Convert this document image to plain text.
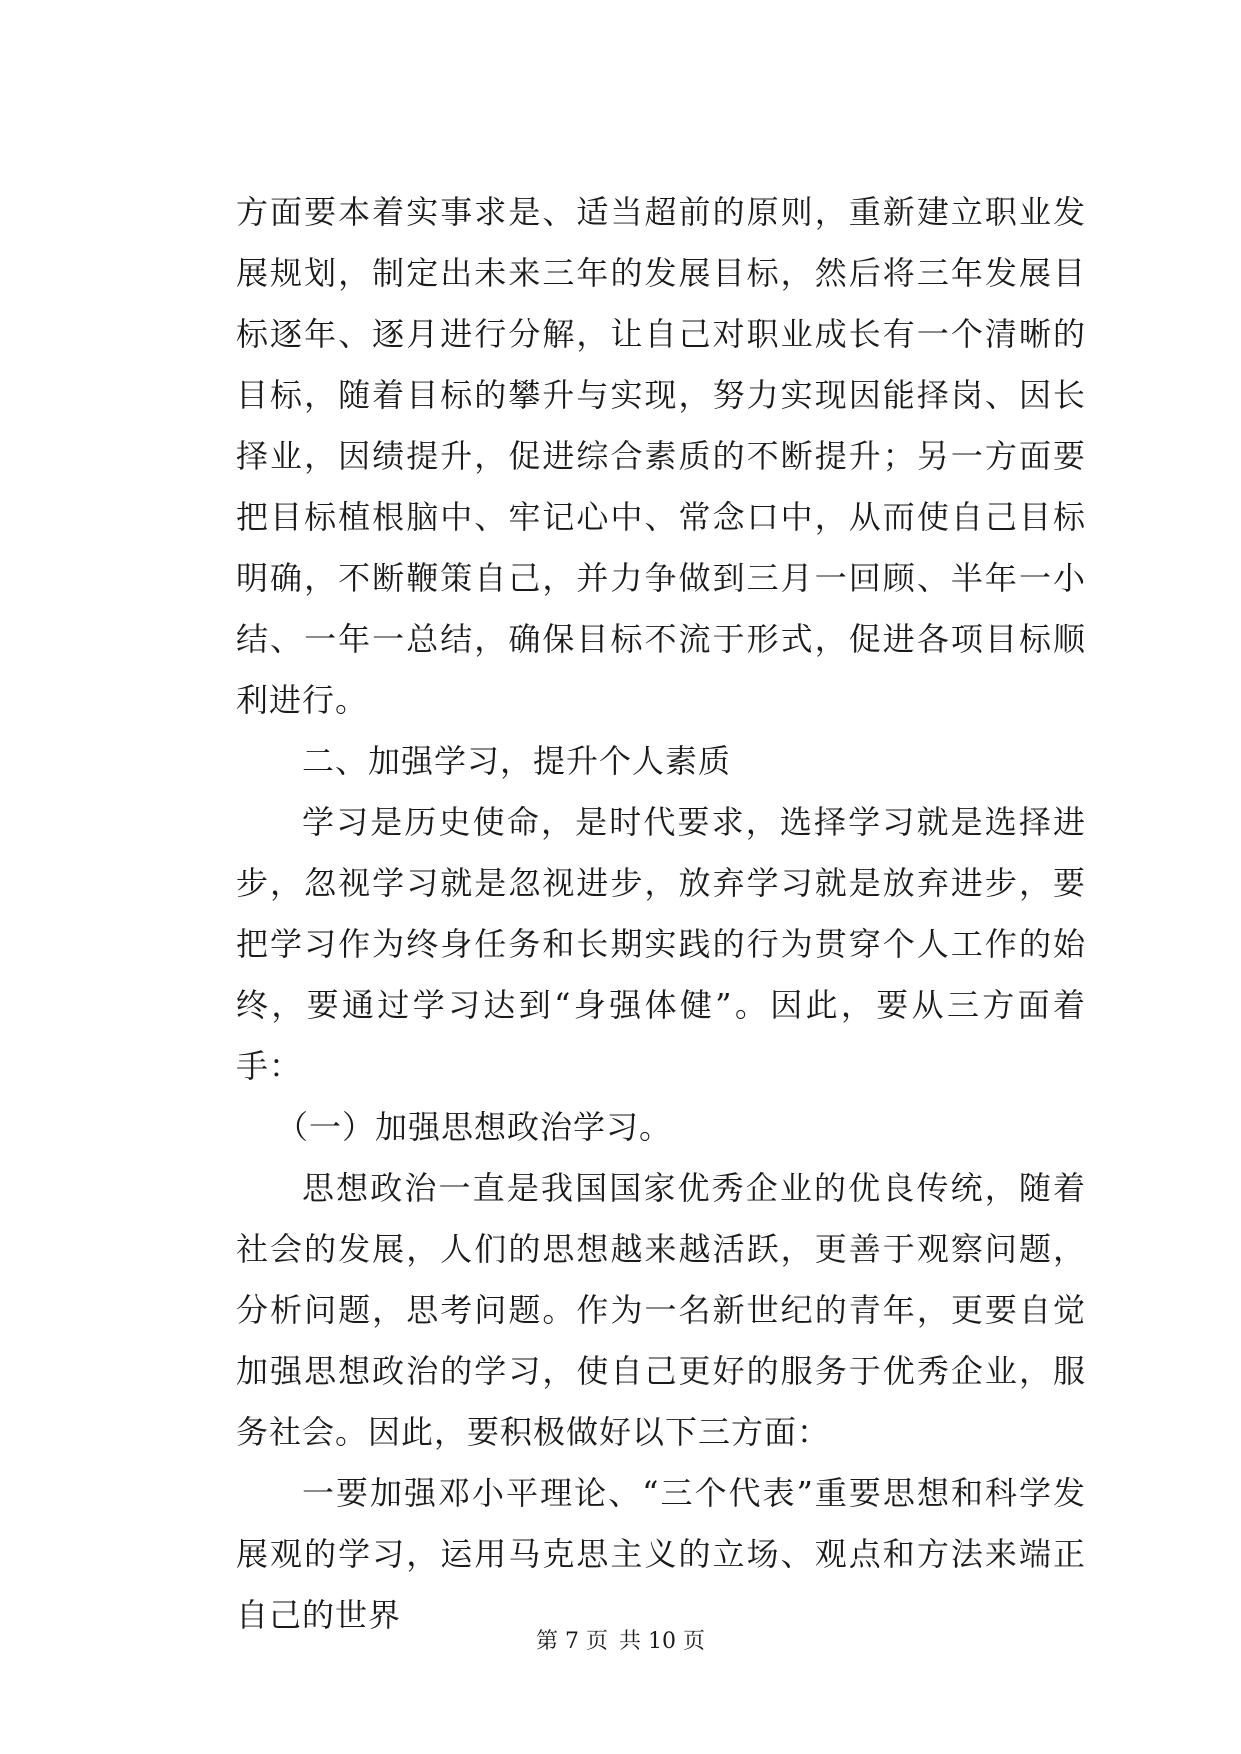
方面要本着实事求是、适当超前的原则，重新建立职业发展规划，制定出未来三年的发展目标，然后将三年发展目标逐年、逐月进行分解，让自己对职业成长有一个清晰的目标，随着目标的攀升与实现，努力实现因能择岗、因长择业，因绩提升，促进综合素质的不断提升；另一方面要把目标植根脑中、牢记心中、常念口中，从而使自己目标明确，不断鞭策自己，并力争做到三月一回顾、半年一小结、一年一总结，确保目标不流于形式，促进各项目标顺利进行。

二、加强学习，提升个人素质

学习是历史使命，是时代要求，选择学习就是选择进步，忽视学习就是忽视进步，放弃学习就是放弃进步，要把学习作为终身任务和长期实践的行为贯穿个人工作的始终，要通过学习达到“身强体健”。因此，要从三方面着手：

（一）加强思想政治学习。

思想政治一直是我国国家优秀企业的优良传统，随着社会的发展，人们的思想越来越活跃，更善于观察问题，分析问题，思考问题。作为一名新世纪的青年，更要自觉加强思想政治的学习，使自己更好的服务于优秀企业，服务社会。因此，要积极做好以下三方面：

一要加强邓小平理论、“三个代表”重要思想和科学发展观的学习，运用马克思主义的立场、观点和方法来端正自己的世界

第 7 页 共 10 页
